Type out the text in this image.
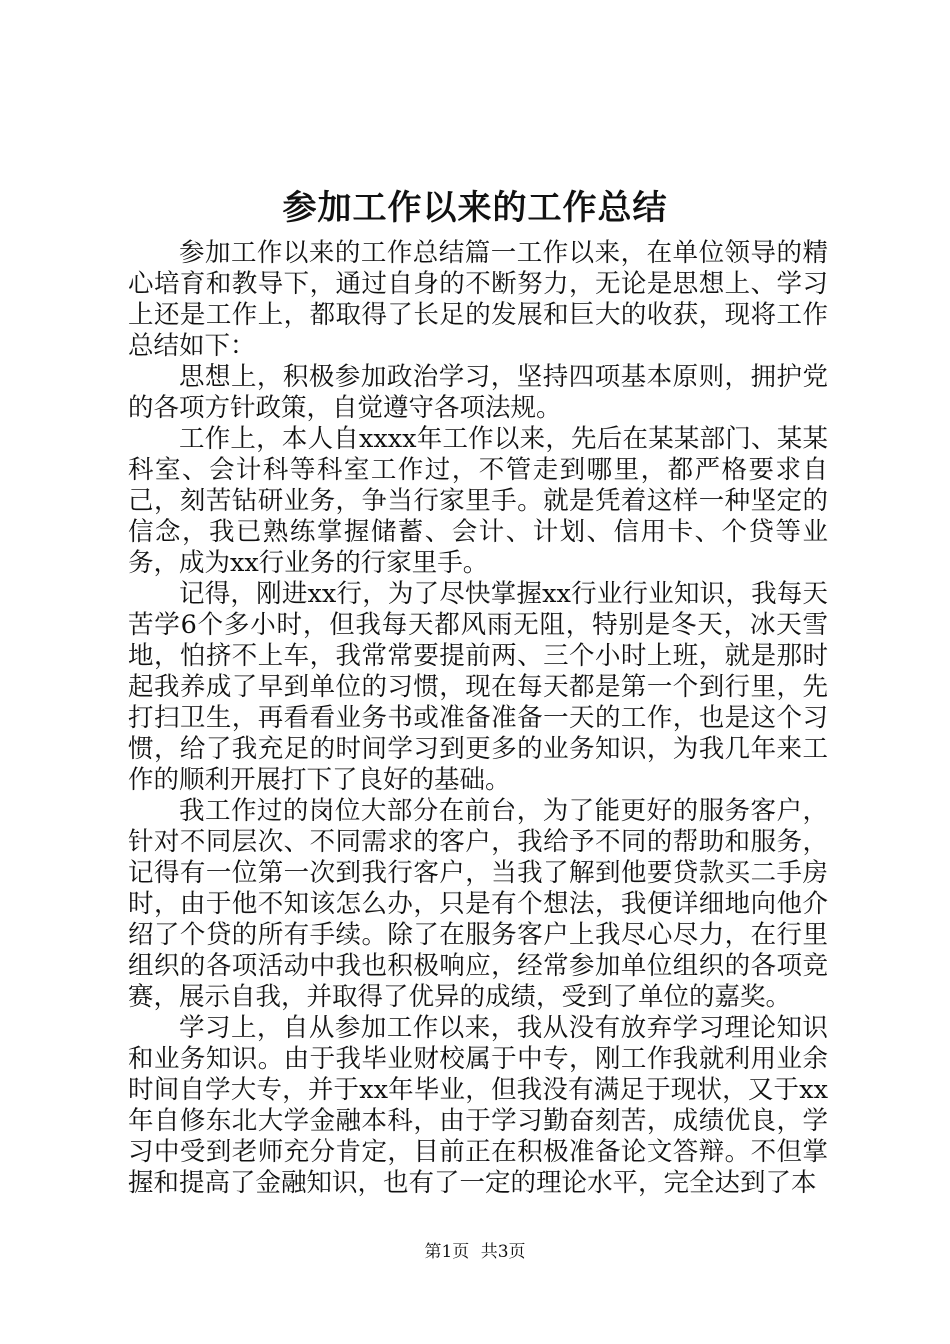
参加工作以来的工作总结

参加工作以来的工作总结篇一工作以来，在单位领导的精心培育和教导下，通过自身的不断努力，无论是思想上、学习上还是工作上，都取得了长足的发展和巨大的收获，现将工作总结如下：

思想上，积极参加政治学习，坚持四项基本原则，拥护党的各项方针政策，自觉遵守各项法规。

工作上，本人自xxxx年工作以来，先后在某某部门、某某科室、会计科等科室工作过，不管走到哪里，都严格要求自己，刻苦钻研业务，争当行家里手。就是凭着这样一种坚定的信念，我已熟练掌握储蓄、会计、计划、信用卡、个贷等业务，成为xx行业务的行家里手。

记得，刚进xx行，为了尽快掌握xx行业行业知识，我每天苦学6个多小时，但我每天都风雨无阻，特别是冬天，冰天雪地，怕挤不上车，我常常要提前两、三个小时上班，就是那时起我养成了早到单位的习惯，现在每天都是第一个到行里，先打扫卫生，再看看业务书或准备准备一天的工作，也是这个习惯，给了我充足的时间学习到更多的业务知识，为我几年来工作的顺利开展打下了良好的基础。

我工作过的岗位大部分在前台，为了能更好的服务客户，针对不同层次、不同需求的客户，我给予不同的帮助和服务，记得有一位第一次到我行客户，当我了解到他要贷款买二手房时，由于他不知该怎么办，只是有个想法，我便详细地向他介绍了个贷的所有手续。除了在服务客户上我尽心尽力，在行里组织的各项活动中我也积极响应，经常参加单位组织的各项竞赛，展示自我，并取得了优异的成绩，受到了单位的嘉奖。

学习上，自从参加工作以来，我从没有放弃学习理论知识和业务知识。由于我毕业财校属于中专，刚工作我就利用业余时间自学大专，并于xx年毕业，但我没有满足于现状，又于xx年自修东北大学金融本科，由于学习勤奋刻苦，成绩优良，学习中受到老师充分肯定，目前正在积极准备论文答辩。不但掌握和提高了金融知识，也有了一定的理论水平，完全达到了本

第1页 共3页
